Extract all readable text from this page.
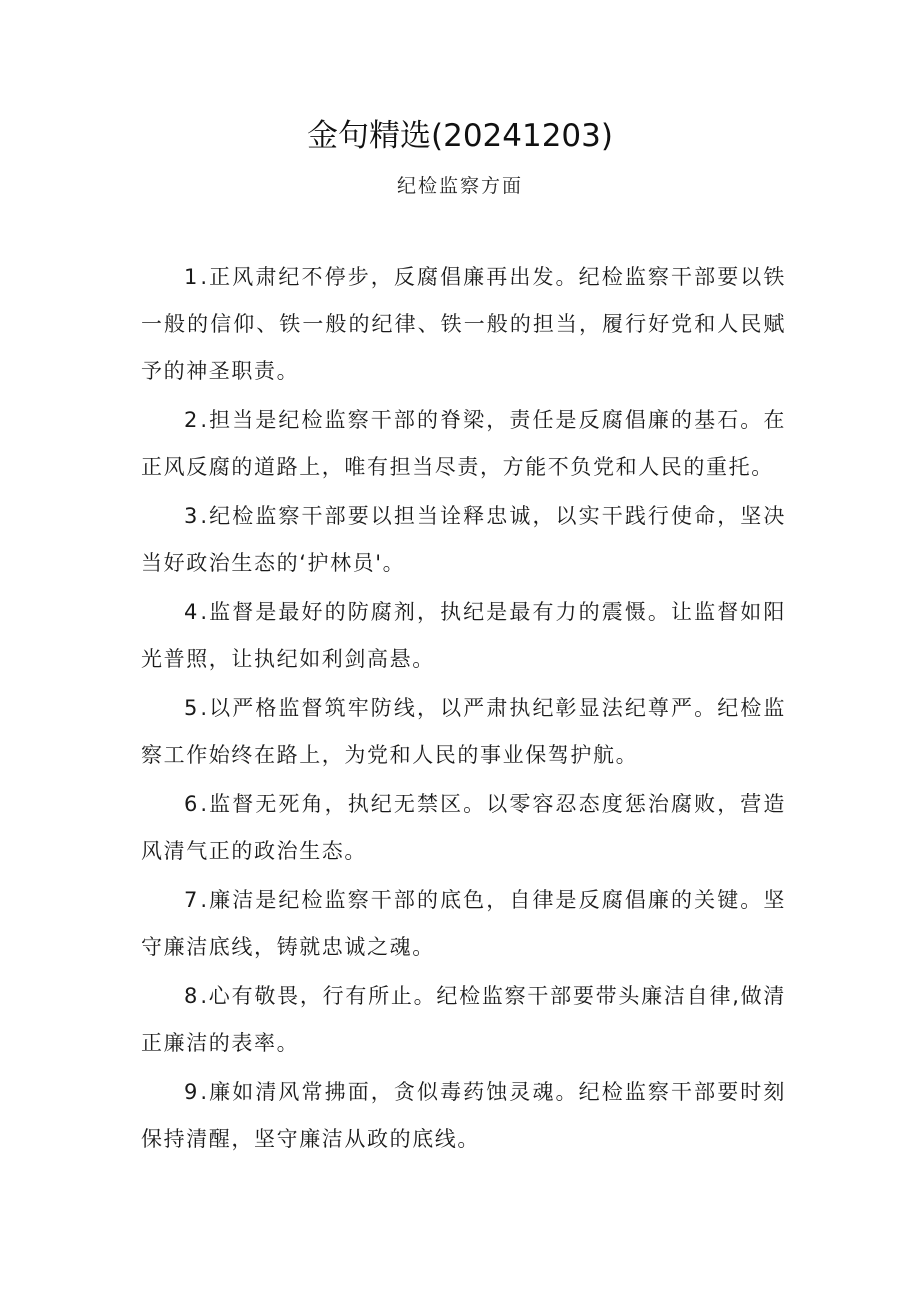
金句精选(20241203)
纪检监察方面

1.正风肃纪不停步，反腐倡廉再出发。纪检监察干部要以铁一般的信仰、铁一般的纪律、铁一般的担当，履行好党和人民赋予的神圣职责。

2.担当是纪检监察干部的脊梁，责任是反腐倡廉的基石。在正风反腐的道路上，唯有担当尽责，方能不负党和人民的重托。

3.纪检监察干部要以担当诠释忠诚，以实干践行使命，坚决当好政治生态的‘护林员'。

4.监督是最好的防腐剂，执纪是最有力的震慑。让监督如阳光普照，让执纪如利剑高悬。

5.以严格监督筑牢防线，以严肃执纪彰显法纪尊严。纪检监察工作始终在路上，为党和人民的事业保驾护航。

6.监督无死角，执纪无禁区。以零容忍态度惩治腐败，营造风清气正的政治生态。

7.廉洁是纪检监察干部的底色，自律是反腐倡廉的关键。坚守廉洁底线，铸就忠诚之魂。

8.心有敬畏，行有所止。纪检监察干部要带头廉洁自律,做清正廉洁的表率。

9.廉如清风常拂面，贪似毒药蚀灵魂。纪检监察干部要时刻保持清醒，坚守廉洁从政的底线。
